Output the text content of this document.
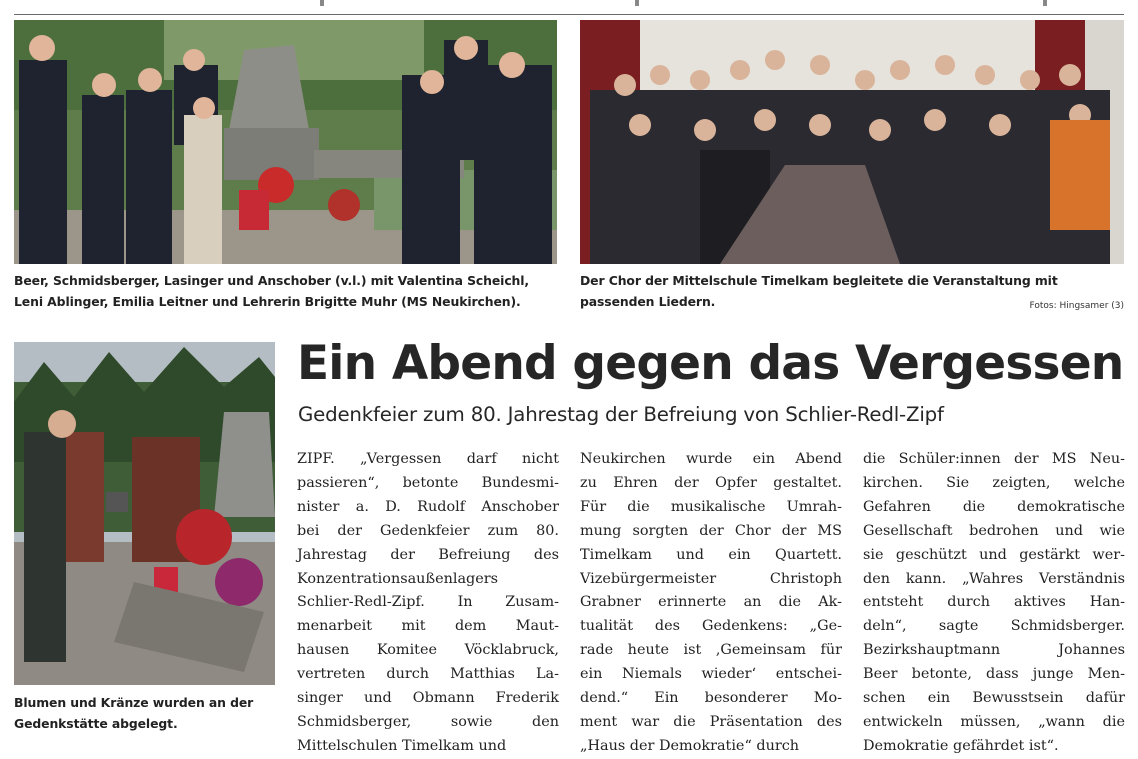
Beer, Schmidsberger, Lasinger und Anschober (v.l.) mit Valentina Scheichl,
Leni Ablinger, Emilia Leitner und Lehrerin Brigitte Muhr (MS Neukirchen).
Der Chor der Mittelschule Timelkam begleitete die Veranstaltung mit
passenden Liedern.	Fotos: Hingsamer (3)
Blumen und Kränze wurden an der
Gedenkstätte abgelegt.
Ein Abend gegen das Vergessen
Gedenkfeier zum 80. Jahrestag der Befreiung von Schlier-Redl-Zipf
ZIPF. „Vergessen darf nicht
passieren“, betonte Bundesmi-
nister a. D. Rudolf Anschober
bei der Gedenkfeier zum 80.
Jahrestag der Befreiung des
Konzentrationsaußenlagers
Schlier-Redl-Zipf. In Zusam-
menarbeit mit dem Maut-
hausen Komitee Vöcklabruck,
vertreten durch Matthias La-
singer und Obmann Frederik
Schmidsberger, sowie den
Mittelschulen Timelkam und
Neukirchen wurde ein Abend
zu Ehren der Opfer gestaltet.
Für die musikalische Umrah-
mung sorgten der Chor der MS
Timelkam und ein Quartett.
Vizebürgermeister Christoph
Grabner erinnerte an die Ak-
tualität des Gedenkens: „Ge-
rade heute ist ‚Gemeinsam für
ein Niemals wieder‘ entschei-
dend.“ Ein besonderer Mo-
ment war die Präsentation des
„Haus der Demokratie“ durch
die Schüler:innen der MS Neu-
kirchen. Sie zeigten, welche
Gefahren die demokratische
Gesellschaft bedrohen und wie
sie geschützt und gestärkt wer-
den kann. „Wahres Verständnis
entsteht durch aktives Han-
deln“, sagte Schmidsberger.
Bezirkshauptmann Johannes
Beer betonte, dass junge Men-
schen ein Bewusstsein dafür
entwickeln müssen, „wann die
Demokratie gefährdet ist“.
